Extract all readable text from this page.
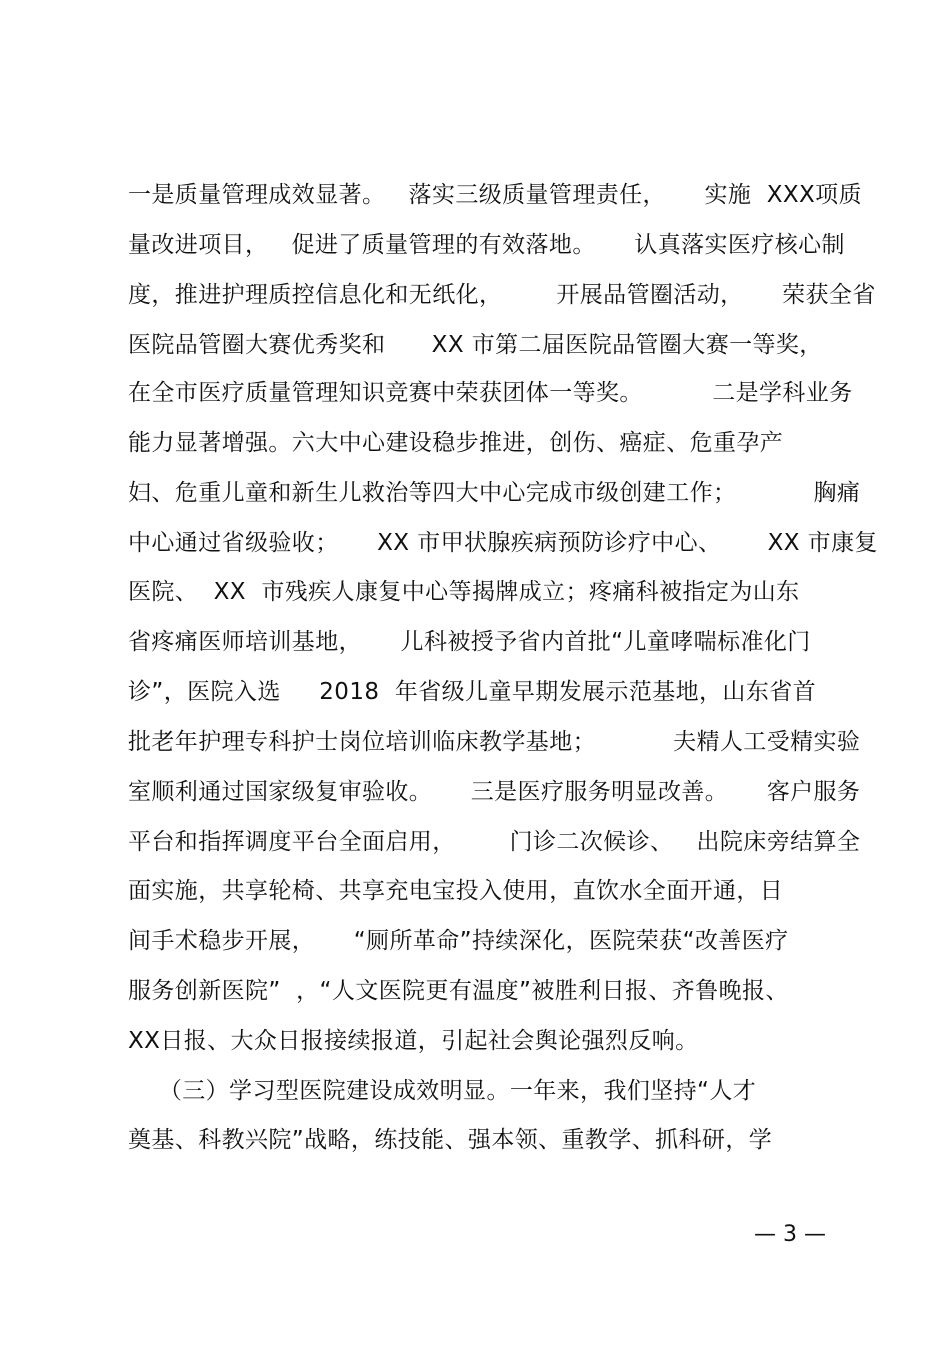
一是质量管理成效显著。   落实三级质量管理责任，     实施  XXX项质
量改进项目，   促进了质量管理的有效落地。     认真落实医疗核心制
度，推进护理质控信息化和无纸化，       开展品管圈活动，     荣获全省
医院品管圈大赛优秀奖和      XX 市第二届医院品管圈大赛一等奖，
在全市医疗质量管理知识竞赛中荣获团体一等奖。         二是学科业务
能力显著增强。六大中心建设稳步推进，创伤、癌症、危重孕产
妇、危重儿童和新生儿救治等四大中心完成市级创建工作；          胸痛
中心通过省级验收；     XX 市甲状腺疾病预防诊疗中心、      XX 市康复
医院、  XX  市残疾人康复中心等揭牌成立；疼痛科被指定为山东
省疼痛医师培训基地，     儿科被授予省内首批“儿童哮喘标准化门
诊”，医院入选     2018  年省级儿童早期发展示范基地，山东省首
批老年护理专科护士岗位培训临床教学基地；          夫精人工受精实验
室顺利通过国家级复审验收。     三是医疗服务明显改善。     客户服务
平台和指挥调度平台全面启用，       门诊二次候诊、   出院床旁结算全
面实施，共享轮椅、共享充电宝投入使用，直饮水全面开通，日
间手术稳步开展，     “厕所革命”持续深化，医院荣获“改善医疗
服务创新医院”  ，“人文医院更有温度”被胜利日报、齐鲁晚报、
XX日报、大众日报接续报道，引起社会舆论强烈反响。
（三）学习型医院建设成效明显。一年来，我们坚持“人才
奠基、科教兴院”战略，练技能、强本领、重教学、抓科研，学
— 3 —
